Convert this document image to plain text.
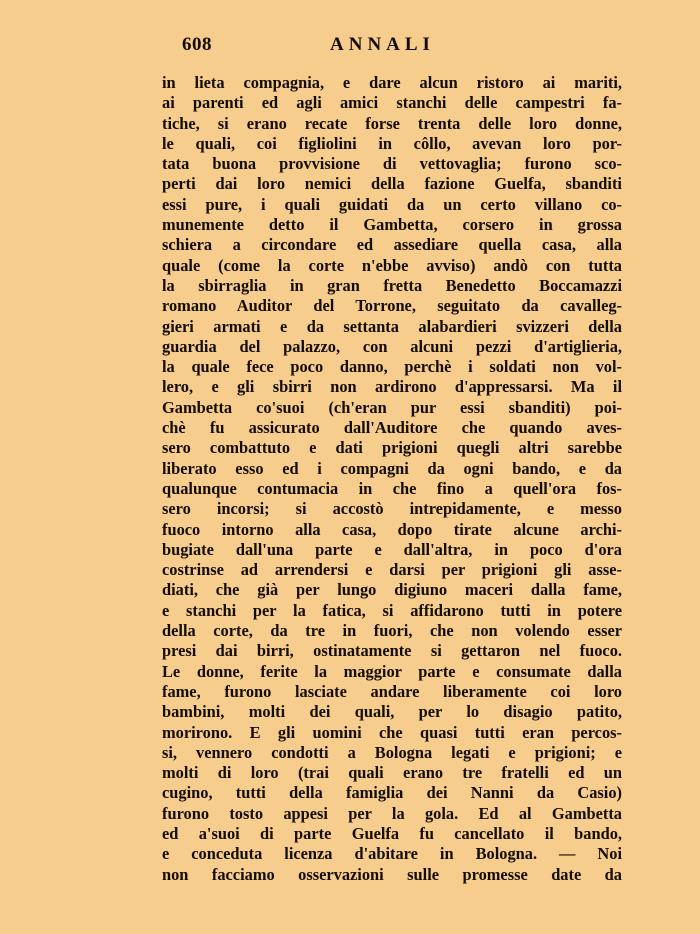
608	ANNALI
in lieta compagnia, e dare alcun ristoro ai mariti,
ai parenti ed agli amici stanchi delle campestri fa-
tiche, si erano recate forse trenta delle loro donne,
le quali, coi figliolini in côllo, avevan loro por-
tata buona provvisione di vettovaglia; furono sco-
perti dai loro nemici della fazione Guelfa, sbanditi
essi pure, i quali guidati da un certo villano co-
munemente detto il Gambetta, corsero in grossa
schiera a circondare ed assediare quella casa, alla
quale (come la corte n'ebbe avviso) andò con tutta
la sbirraglia in gran fretta Benedetto Boccamazzi
romano Auditor del Torrone, seguitato da cavalleg-
gieri armati e da settanta alabardieri svizzeri della
guardia del palazzo, con alcuni pezzi d'artiglieria,
la quale fece poco danno, perchè i soldati non vol-
lero, e gli sbirri non ardirono d'appressarsi. Ma il
Gambetta co'suoi (ch'eran pur essi sbanditi) poi-
chè fu assicurato dall'Auditore che quando aves-
sero combattuto e dati prigioni quegli altri sarebbe
liberato esso ed i compagni da ogni bando, e da
qualunque contumacia in che fino a quell'ora fos-
sero incorsi; si accostò intrepidamente, e messo
fuoco intorno alla casa, dopo tirate alcune archi-
bugiate dall'una parte e dall'altra, in poco d'ora
costrinse ad arrendersi e darsi per prigioni gli asse-
diati, che già per lungo digiuno maceri dalla fame,
e stanchi per la fatica, si affidarono tutti in potere
della corte, da tre in fuori, che non volendo esser
presi dai birri, ostinatamente si gettaron nel fuoco.
Le donne, ferite la maggior parte e consumate dalla
fame, furono lasciate andare liberamente coi loro
bambini, molti dei quali, per lo disagio patito,
morirono. E gli uomini che quasi tutti eran percos-
si, vennero condotti a Bologna legati e prigioni; e
molti di loro (trai quali erano tre fratelli ed un
cugino, tutti della famiglia dei Nanni da Casio)
furono tosto appesi per la gola. Ed al Gambetta
ed a'suoi di parte Guelfa fu cancellato il bando,
e conceduta licenza d'abitare in Bologna. — Noi
non facciamo osservazioni sulle promesse date da
